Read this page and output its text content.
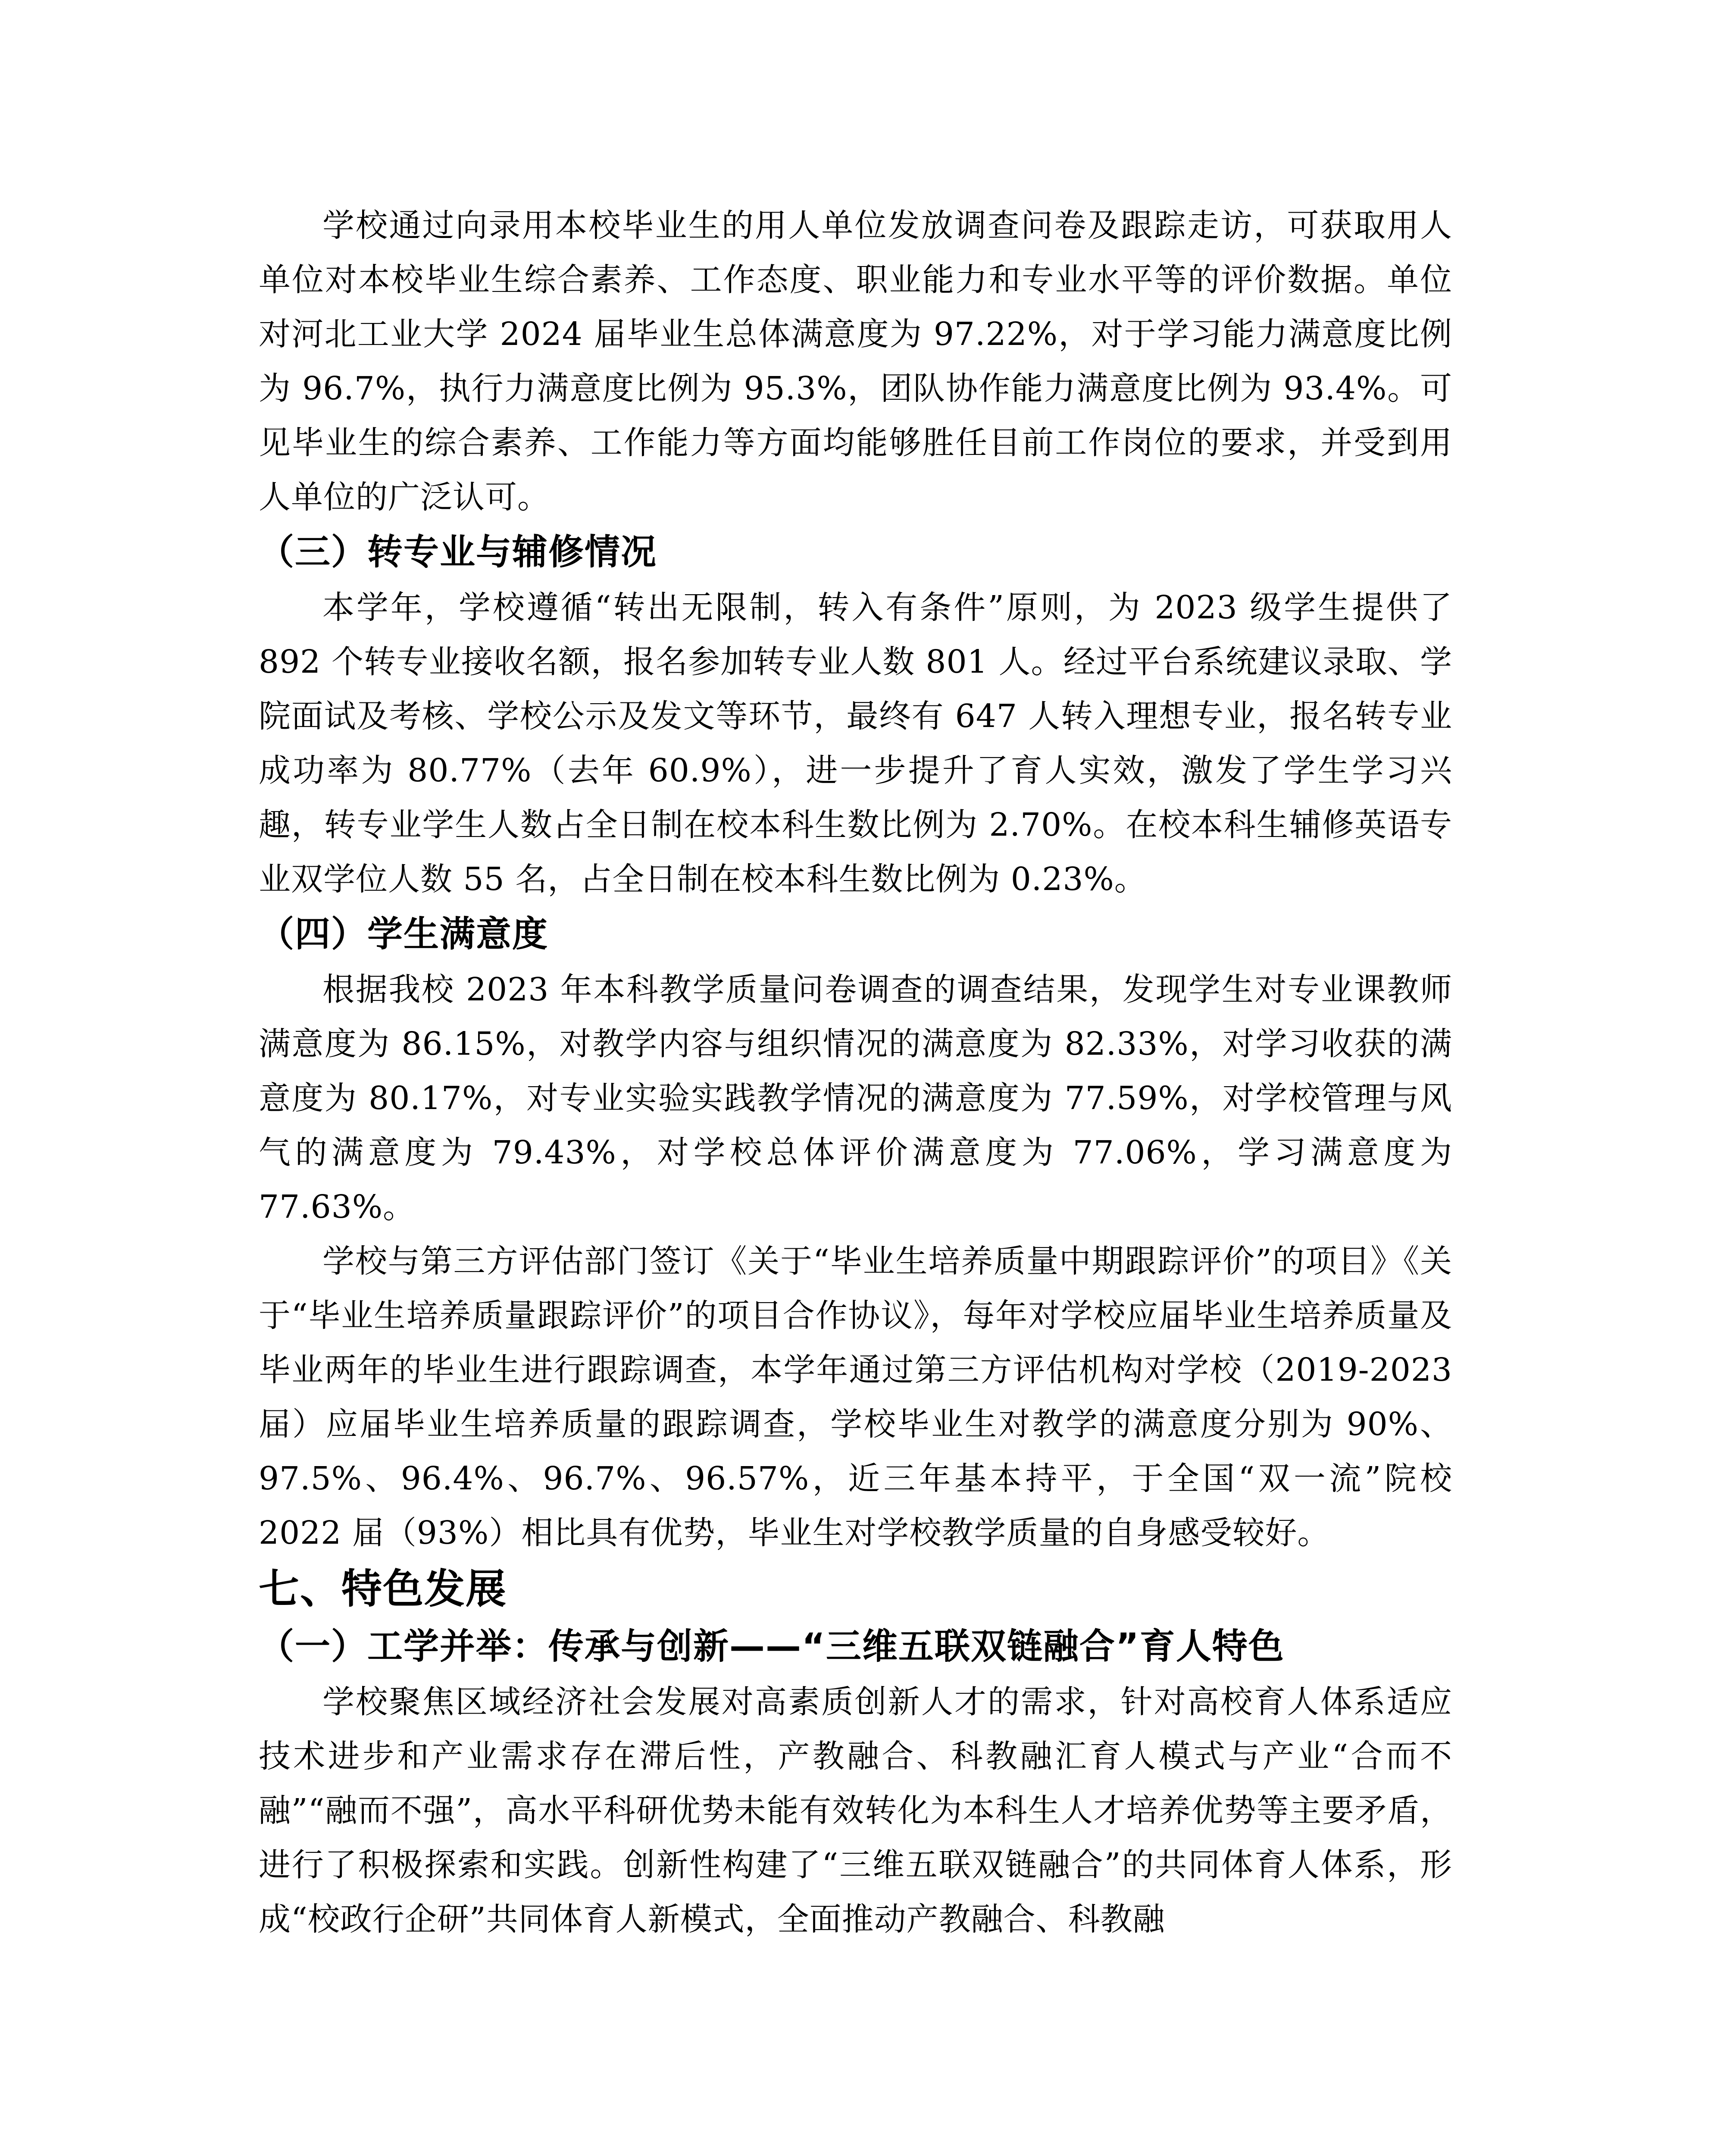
学校通过向录用本校毕业生的用人单位发放调查问卷及跟踪走访，可获取用人单位对本校毕业生综合素养、工作态度、职业能力和专业水平等的评价数据。单位对河北工业大学 2024 届毕业生总体满意度为 97.22%，对于学习能力满意度比例为 96.7%，执行力满意度比例为 95.3%，团队协作能力满意度比例为 93.4%。可见毕业生的综合素养、工作能力等方面均能够胜任目前工作岗位的要求，并受到用人单位的广泛认可。

（三）转专业与辅修情况

本学年，学校遵循“转出无限制，转入有条件”原则，为 2023 级学生提供了 892 个转专业接收名额，报名参加转专业人数 801 人。经过平台系统建议录取、学院面试及考核、学校公示及发文等环节，最终有 647 人转入理想专业，报名转专业成功率为 80.77%（去年 60.9%），进一步提升了育人实效，激发了学生学习兴趣，转专业学生人数占全日制在校本科生数比例为 2.70%。在校本科生辅修英语专业双学位人数 55 名，占全日制在校本科生数比例为 0.23%。

（四）学生满意度

根据我校 2023 年本科教学质量问卷调查的调查结果，发现学生对专业课教师满意度为 86.15%，对教学内容与组织情况的满意度为 82.33%，对学习收获的满意度为 80.17%，对专业实验实践教学情况的满意度为 77.59%，对学校管理与风气的满意度为 79.43%，对学校总体评价满意度为 77.06%，学习满意度为 77.63%。

学校与第三方评估部门签订《关于“毕业生培养质量中期跟踪评价”的项目》《关于“毕业生培养质量跟踪评价”的项目合作协议》，每年对学校应届毕业生培养质量及毕业两年的毕业生进行跟踪调查，本学年通过第三方评估机构对学校（2019-2023 届）应届毕业生培养质量的跟踪调查，学校毕业生对教学的满意度分别为 90%、97.5%、96.4%、96.7%、96.57%，近三年基本持平，于全国“双一流”院校 2022 届（93%）相比具有优势，毕业生对学校教学质量的自身感受较好。

七、特色发展
（一）工学并举：传承与创新——“三维五联双链融合”育人特色

学校聚焦区域经济社会发展对高素质创新人才的需求，针对高校育人体系适应技术进步和产业需求存在滞后性，产教融合、科教融汇育人模式与产业“合而不融”“融而不强”，高水平科研优势未能有效转化为本科生人才培养优势等主要矛盾，进行了积极探索和实践。创新性构建了“三维五联双链融合”的共同体育人体系，形成“校政行企研”共同体育人新模式，全面推动产教融合、科教融
